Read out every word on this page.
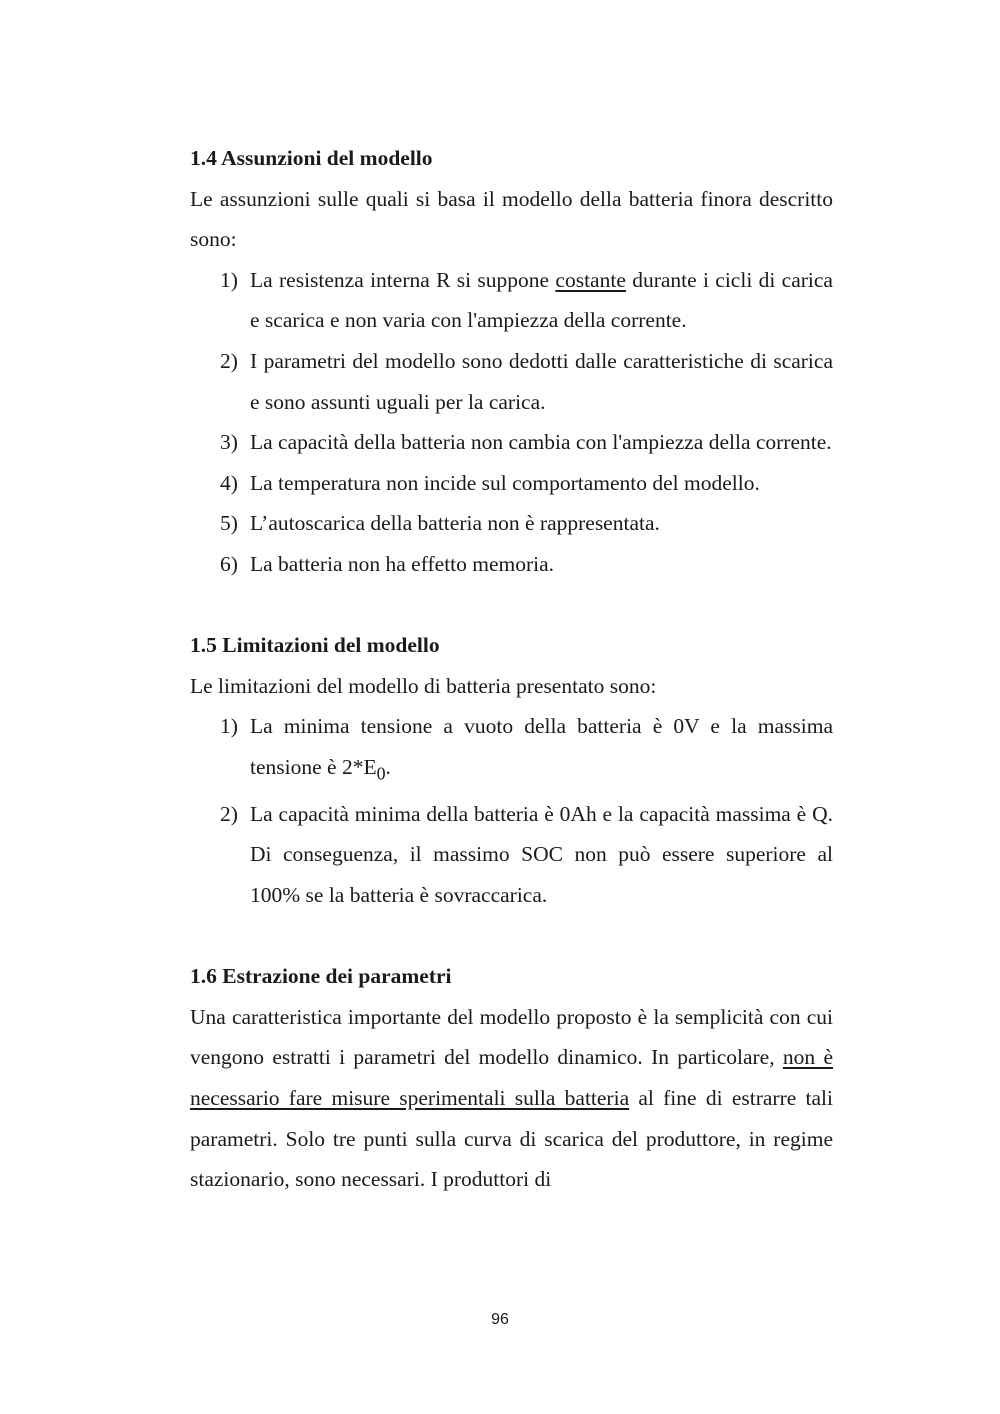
1.4 Assunzioni del modello

Le assunzioni sulle quali si basa il modello della batteria finora descritto sono:

1) La resistenza interna R si suppone costante durante i cicli di carica e scarica e non varia con l'ampiezza della corrente.
2) I parametri del modello sono dedotti dalle caratteristiche di scarica e sono assunti uguali per la carica.
3) La capacità della batteria non cambia con l'ampiezza della corrente.
4) La temperatura non incide sul comportamento del modello.
5) L’autoscarica della batteria non è rappresentata.
6) La batteria non ha effetto memoria.
1.5 Limitazioni del modello

Le limitazioni del modello di batteria presentato sono:

1) La minima tensione a vuoto della batteria è 0V e la massima tensione è $2*E_0$.
2) La capacità minima della batteria è 0Ah e la capacità massima è Q. Di conseguenza, il massimo SOC non può essere superiore al 100% se la batteria è sovraccarica.
1.6 Estrazione dei parametri

Una caratteristica importante del modello proposto è la semplicità con cui vengono estratti i parametri del modello dinamico. In particolare, non è necessario fare misure sperimentali sulla batteria al fine di estrarre tali parametri. Solo tre punti sulla curva di scarica del produttore, in regime stazionario, sono necessari. I produttori di

96
